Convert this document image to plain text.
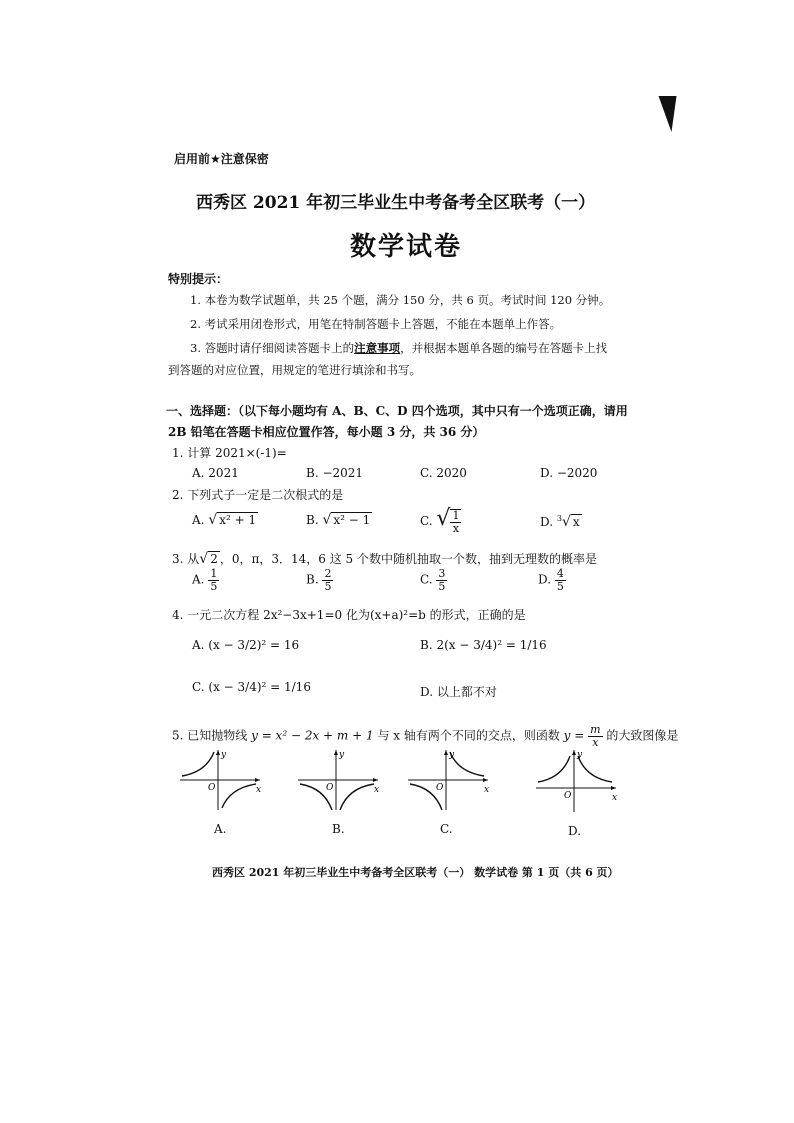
启用前★注意保密
西秀区 2021 年初三毕业生中考备考全区联考（一）
数学试卷
特别提示：
1. 本卷为数学试题单，共 25 个题，满分 150 分，共 6 页。考试时间 120 分钟。
2. 考试采用闭卷形式，用笔在特制答题卡上答题，不能在本题单上作答。
3. 答题时请仔细阅读答题卡上的注意事项，并根据本题单各题的编号在答题卡上找
到答题的对应位置，用规定的笔进行填涂和书写。
一、选择题：（以下每小题均有 A、B、C、D 四个选项，其中只有一个选项正确，请用
2B 铅笔在答题卡相应位置作答，每小题 3 分，共 36 分）
1. 计算 2021×(-1)=
A. 2021	B. −2021	C. 2020	D. −2020
2. 下列式子一定是二次根式的是
A. √ x² + 1	B. √ x² − 1	C. √ $\frac{1}{x}$	D. $^3$√ x
3. 从√ 2 ，0，π，3．14，6 这 5 个数中随机抽取一个数，抽到无理数的概率是
A. $\frac{1}{5}$	B. $\frac{2}{5}$	C. $\frac{3}{5}$	D. $\frac{4}{5}$
4. 一元二次方程 2x²−3x+1=0 化为(x+a)²=b 的形式，正确的是
A. (x − 3/2)² = 16	B. 2(x − 3/4)² = 1/16
C. (x − 3/4)² = 1/16	D. 以上都不对
5. 已知抛物线 y = x² − 2x + m + 1 与 x 轴有两个不同的交点，则函数 $y = \frac{m}{x}$ 的大致图像是
y
x
O
A.
y
x
O
B.
y
x
O
C.
y
x
O
D.
西秀区 2021 年初三毕业生中考备考全区联考（一） 数学试卷 第 1 页（共 6 页）
